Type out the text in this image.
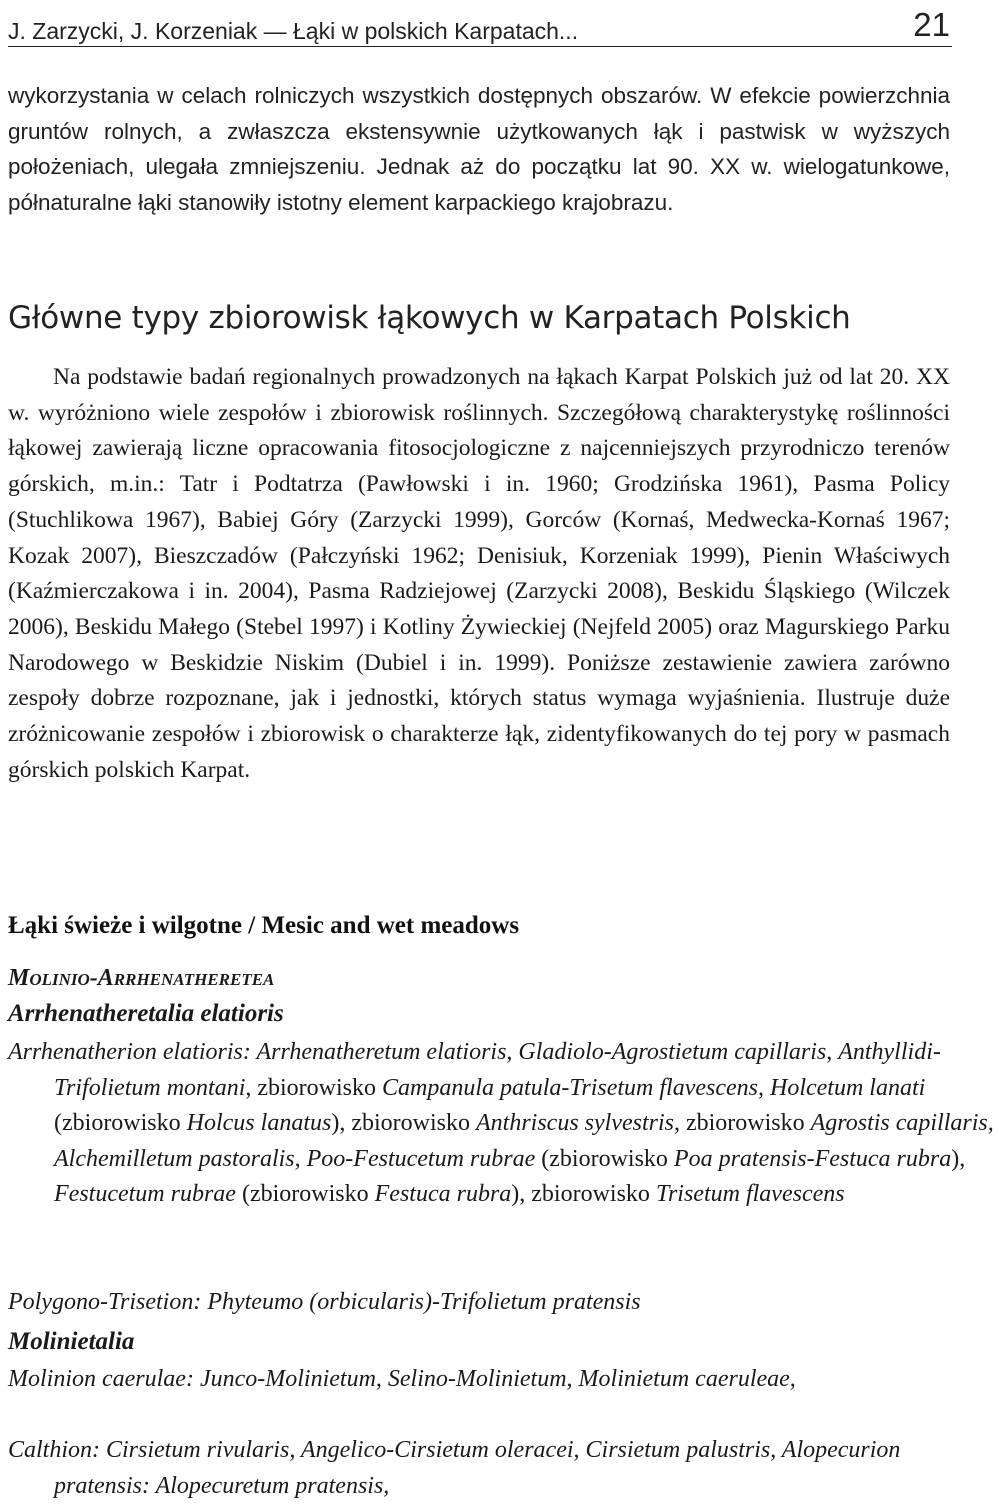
J. Zarzycki, J. Korzeniak — Łąki w polskich Karpatach...	21

wykorzystania w celach rolniczych wszystkich dostępnych obszarów. W efekcie powierzchnia gruntów rolnych, a zwłaszcza ekstensywnie użytkowanych łąk i pastwisk w wyższych położeniach, ulegała zmniejszeniu. Jednak aż do początku lat 90. XX w. wielogatunkowe, półnaturalne łąki stanowiły istotny element karpackiego krajobrazu.

Główne typy zbiorowisk łąkowych w Karpatach Polskich

Na podstawie badań regionalnych prowadzonych na łąkach Karpat Polskich już od lat 20. XX w. wyróżniono wiele zespołów i zbiorowisk roślinnych. Szczegółową charakterystykę roślinności łąkowej zawierają liczne opracowania fitosocjologiczne z najcenniejszych przyrodniczo terenów górskich, m.in.: Tatr i Podtatrza (Pawłowski i in. 1960; Grodzińska 1961), Pasma Policy (Stuchlikowa 1967), Babiej Góry (Zarzycki 1999), Gorców (Kornaś, Medwecka-Kornaś 1967; Kozak 2007), Bieszczadów (Pałczyński 1962; Denisiuk, Korzeniak 1999), Pienin Właściwych (Kaźmierczakowa i in. 2004), Pasma Radziejowej (Zarzycki 2008), Beskidu Śląskiego (Wilczek 2006), Beskidu Małego (Stebel 1997) i Kotliny Żywieckiej (Nejfeld 2005) oraz Magurskiego Parku Narodowego w Beskidzie Niskim (Dubiel i in. 1999). Poniższe zestawienie zawiera zarówno zespoły dobrze rozpoznane, jak i jednostki, których status wymaga wyjaśnienia. Ilustruje duże zróżnicowanie zespołów i zbiorowisk o charakterze łąk, zidentyfikowanych do tej pory w pasmach górskich polskich Karpat.

Łąki świeże i wilgotne / Mesic and wet meadows
Molinio-Arrhenatheretea
Arrhenatheretalia elatioris

Arrhenatherion elatioris: Arrhenatheretum elatioris, Gladiolo-Agrostietum capillaris, Anthyllidi-Trifolietum montani, zbiorowisko Campanula patula-Trisetum flavescens, Holcetum lanati (zbiorowisko Holcus lanatus), zbiorowisko Anthriscus sylvestris, zbiorowisko Agrostis capillaris, Alchemilletum pastoralis, Poo-Festucetum rubrae (zbiorowisko Poa pratensis-Festuca rubra), Festucetum rubrae (zbiorowisko Festuca rubra), zbiorowisko Trisetum flavescens

Polygono-Trisetion: Phyteumo (orbicularis)-Trifolietum pratensis

Molinietalia

Molinion caerulae: Junco-Molinietum, Selino-Molinietum, Molinietum caeruleae,

Calthion: Cirsietum rivularis, Angelico-Cirsietum oleracei, Cirsietum palustris, Alopecurion pratensis: Alopecuretum pratensis,
